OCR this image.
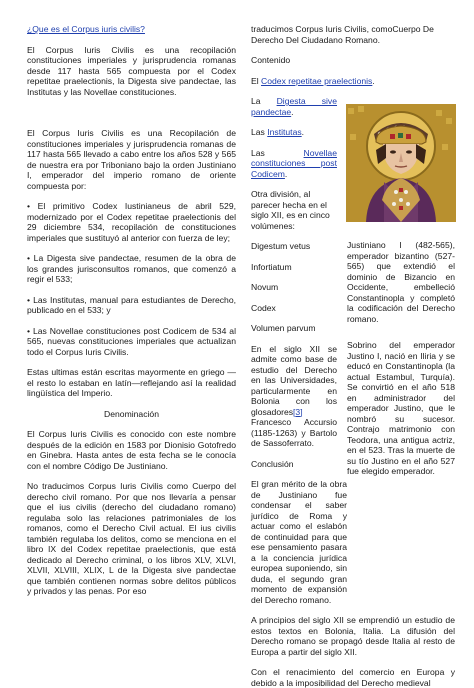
¿Que es el Corpus iuris civilis?

El Corpus Iuris Civilis es una recopilación constituciones imperiales y jurisprudencia romanas desde 117 hasta 565 compuesta por el Codex repetitae praelectionis, la Digesta sive pandectae, las Institutas y las Novellae constituciones.

El Corpus Iuris Civilis es una Recopilación de constituciones imperiales y jurisprudencia romanas de 117 hasta 565 llevado a cabo entre los años 528 y 565 de nuestra era por Triboniano bajo la orden Justiniano I, emperador del imperio romano de oriente compuesta por:

• El primitivo Codex Iustinianeus de abril 529, modernizado por el Codex repetitae praelectionis del 29 diciembre 534, recopilación de constituciones imperiales que sustituyó al anterior con fuerza de ley;

• La Digesta sive pandectae, resumen de la obra de los grandes jurisconsultos romanos, que comenzó a regir el 533;

• Las Institutas, manual para estudiantes de Derecho, publicado en el 533; y

• Las Novellae constituciones post Codicem de 534 al 565, nuevas constituciones imperiales que actualizan todo el Corpus Iuris Civilis.

Estas ultimas están escritas mayormente en griego —el resto lo estaban en latín—reflejando así la realidad lingüística del Imperio.

Denominación

El Corpus Iuris Civilis es conocido con este nombre después de la edición en 1583 por Dionisio Gotofredo en Ginebra. Hasta antes de esta fecha se le conocía con el nombre Código De Justiniano.

No traducimos Corpus Iuris Civilis como Cuerpo del derecho civil romano. Por que nos llevaría a pensar que el ius civilis (derecho del ciudadano romano) regulaba solo las relaciones patrimoniales de los romanos, como el Derecho Civil actual. El ius civilis también regulaba los delitos, como se menciona en el libro IX del Codex repetitae praelectionis, que está dedicado al Derecho criminal, o los libros XLV, XLVI, XLVII, XLVIII, XLIX, L de la Digesta sive pandectae que también contienen normas sobre delitos públicos y privados y las penas. Por eso

traducimos Corpus Iuris Civilis, comoCuerpo De Derecho Del Ciudadano Romano.

Contenido

El Codex repetitae praelectionis.

La Digesta sive pandectae.

Las Institutas.

Las Novellae constituciones post Codicem.

Otra división, al parecer hecha en el siglo XII, es en cinco volúmenes:

Digestum vetus

Infortiatum

Novum

Codex

Volumen parvum

En el siglo XII se admite como base de estudio del Derecho en las Universidades, particularmente en Bolonia con los glosadores[3] Francesco Accursio (1185-1263) y Bartolo de Sassoferrato.

Conclusión

El gran mérito de la obra de Justiniano fue condensar el saber jurídico de Roma y actuar como el eslabón de continuidad para que ese pensamiento pasara a la conciencia jurídica europea suponiendo, sin duda, el segundo gran momento de expansión del Derecho romano.

A principios del siglo XII se emprendió un estudio de estos textos en Bolonia, Italia. La difusión del Derecho romano se propagó desde Italia al resto de Europa a partir del siglo XII.

Con el renacimiento del comercio en Europa y debido a la imposibilidad del Derecho medieval

Justiniano I (482-565), emperador bizantino (527-565) que extendió el dominio de Bizancio en Occidente, embelleció Constantinopla y completó la codificación del Derecho romano.

Sobrino del emperador Justino I, nació en Iliria y se educó en Constantinopla (la actual Estambul, Turquía). Se convirtió en el año 518 en administrador del emperador Justino, que le nombró su sucesor. Contrajo matrimonio con Teodora, una antigua actriz, en el 523. Tras la muerte de su tío Justino en el año 527 fue elegido emperador.
